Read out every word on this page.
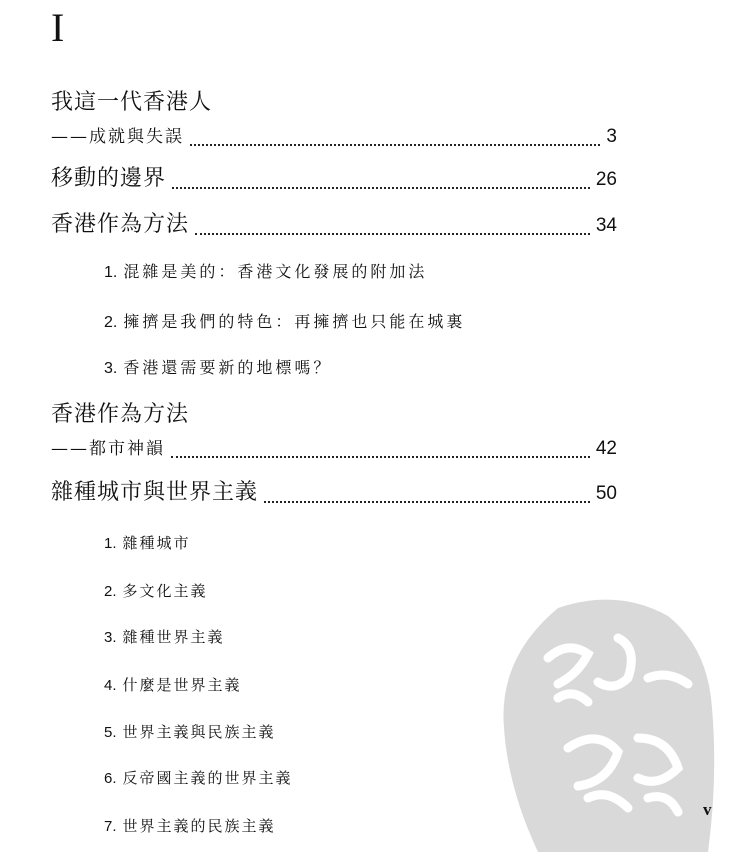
I
我這一代香港人
——成就與失誤	3
移動的邊界	26
香港作為方法	34
1. 混雜是美的：香港文化發展的附加法
2. 擁擠是我們的特色：再擁擠也只能在城裏
3. 香港還需要新的地標嗎？
香港作為方法
——都市神韻	42
雜種城市與世界主義	50
1. 雜種城市
2. 多文化主義
3. 雜種世界主義
4. 什麼是世界主義
5. 世界主義與民族主義
6. 反帝國主義的世界主義
7. 世界主義的民族主義
v
